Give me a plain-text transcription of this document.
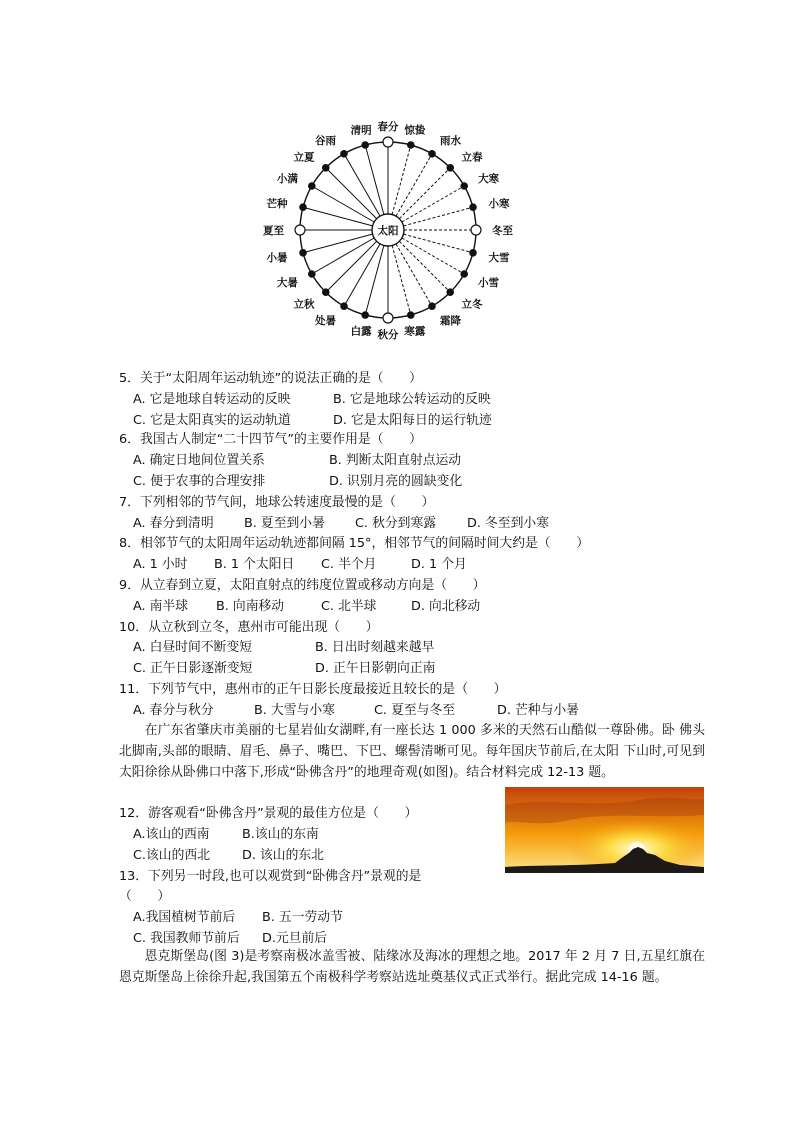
太阳
春分 惊蛰
雨水
立春
大寒
小寒
冬至
大雪
小雪
立冬
霜降
寒露
秋分
白露
处暑
立秋
大暑
小暑
夏至
芒种
小满
立夏
谷雨
清明
5．关于“太阳周年运动轨迹”的说法正确的是（　　）
A. 它是地球自转运动的反映	B. 它是地球公转运动的反映
C. 它是太阳真实的运动轨道	D. 它是太阳每日的运行轨迹
6．我国古人制定“二十四节气”的主要作用是（　　）
A. 确定日地间位置关系	B. 判断太阳直射点运动
C. 便于农事的合理安排	D. 识别月亮的圆缺变化
7．下列相邻的节气间，地球公转速度最慢的是（　　）
A. 春分到清明 B. 夏至到小暑 C. 秋分到寒露 D. 冬至到小寒
8．相邻节气的太阳周年运动轨迹都间隔 15°，相邻节气的间隔时间大约是（　　）
A. 1 小时 B. 1 个太阳日 C. 半个月	D. 1 个月
9．从立春到立夏，太阳直射点的纬度位置或移动方向是（　　）
A. 南半球 B. 向南移动	C. 北半球	D. 向北移动
10．从立秋到立冬，惠州市可能出现（　　）
A. 白昼时间不断变短	B. 日出时刻越来越早
C. 正午日影逐渐变短	D. 正午日影朝向正南
11．下列节气中，惠州市的正午日影长度最接近且较长的是（　　）
A. 春分与秋分	B. 大雪与小寒	C. 夏至与冬至	D. 芒种与小暑
在广东省肇庆市美丽的七星岩仙女湖畔,有一座长达 1 000 多米的天然石山酷似一尊卧佛。卧 佛头北脚南,头部的眼睛、眉毛、鼻子、嘴巴、下巴、螺髻清晰可见。每年国庆节前后,在太阳 下山时,可见到太阳徐徐从卧佛口中落下,形成“卧佛含丹”的地理奇观(如图)。结合材料完成 12-13 题。
12．游客观看“卧佛含丹”景观的最佳方位是（　　）
A.该山的西南	B.该山的东南
C.该山的西北	D. 该山的东北
13．下列另一时段,也可以观赏到“卧佛含丹”景观的是
（　　）
A.我国植树节前后 B. 五一劳动节
C. 我国教师节前后 D.元旦前后
恩克斯堡岛(图 3)是考察南极冰盖雪被、陆缘冰及海冰的理想之地。2017 年 2 月 7 日,五星红旗在恩克斯堡岛上徐徐升起,我国第五个南极科学考察站选址奠基仪式正式举行。据此完成 14-16 题。
